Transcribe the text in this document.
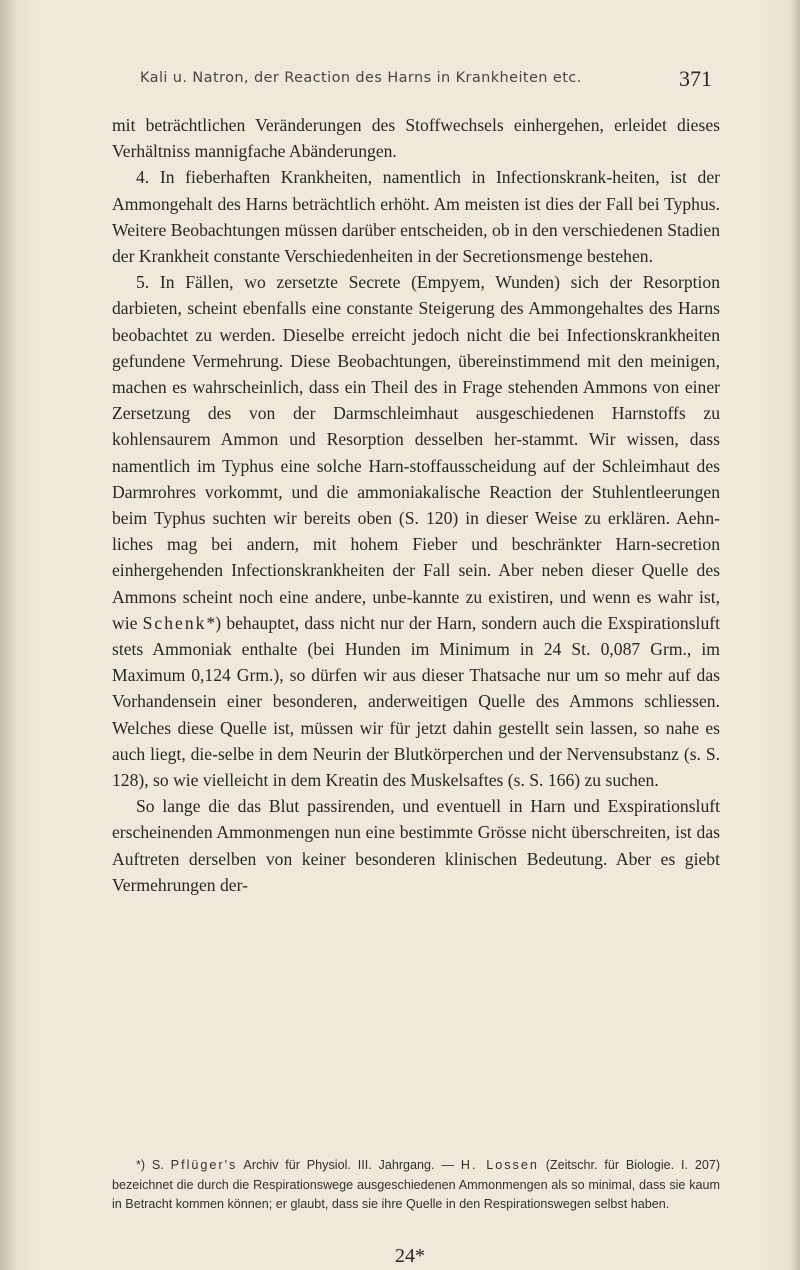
Kali u. Natron, der Reaction des Harns in Krankheiten etc.	371

mit beträchtlichen Veränderungen des Stoffwechsels einhergehen, erleidet dieses Verhältniss mannigfache Abänderungen.

4. In fieberhaften Krankheiten, namentlich in Infectionskrank-heiten, ist der Ammongehalt des Harns beträchtlich erhöht. Am meisten ist dies der Fall bei Typhus. Weitere Beobachtungen müssen darüber entscheiden, ob in den verschiedenen Stadien der Krankheit constante Verschiedenheiten in der Secretionsmenge bestehen.

5. In Fällen, wo zersetzte Secrete (Empyem, Wunden) sich der Resorption darbieten, scheint ebenfalls eine constante Steigerung des Ammongehaltes des Harns beobachtet zu werden. Dieselbe erreicht jedoch nicht die bei Infectionskrankheiten gefundene Vermehrung. Diese Beobachtungen, übereinstimmend mit den meinigen, machen es wahrscheinlich, dass ein Theil des in Frage stehenden Ammons von einer Zersetzung des von der Darmschleimhaut ausgeschiedenen Harnstoffs zu kohlensaurem Ammon und Resorption desselben her-stammt. Wir wissen, dass namentlich im Typhus eine solche Harn-stoffausscheidung auf der Schleimhaut des Darmrohres vorkommt, und die ammoniakalische Reaction der Stuhlentleerungen beim Typhus suchten wir bereits oben (S. 120) in dieser Weise zu erklären. Aehn-liches mag bei andern, mit hohem Fieber und beschränkter Harn-secretion einhergehenden Infectionskrankheiten der Fall sein. Aber neben dieser Quelle des Ammons scheint noch eine andere, unbe-kannte zu existiren, und wenn es wahr ist, wie Schenk*) behauptet, dass nicht nur der Harn, sondern auch die Exspirationsluft stets Ammoniak enthalte (bei Hunden im Minimum in 24 St. 0,087 Grm., im Maximum 0,124 Grm.), so dürfen wir aus dieser Thatsache nur um so mehr auf das Vorhandensein einer besonderen, anderweitigen Quelle des Ammons schliessen. Welches diese Quelle ist, müssen wir für jetzt dahin gestellt sein lassen, so nahe es auch liegt, die-selbe in dem Neurin der Blutkörperchen und der Nervensubstanz (s. S. 128), so wie vielleicht in dem Kreatin des Muskelsaftes (s. S. 166) zu suchen.

So lange die das Blut passirenden, und eventuell in Harn und Exspirationsluft erscheinenden Ammonmengen nun eine bestimmte Grösse nicht überschreiten, ist das Auftreten derselben von keiner besonderen klinischen Bedeutung. Aber es giebt Vermehrungen der-

*) S. Pflüger's Archiv für Physiol. III. Jahrgang. — H. Lossen (Zeitschr. für Biologie. I. 207) bezeichnet die durch die Respirationswege ausgeschiedenen Ammonmengen als so minimal, dass sie kaum in Betracht kommen können; er glaubt, dass sie ihre Quelle in den Respirationswegen selbst haben.

24*
